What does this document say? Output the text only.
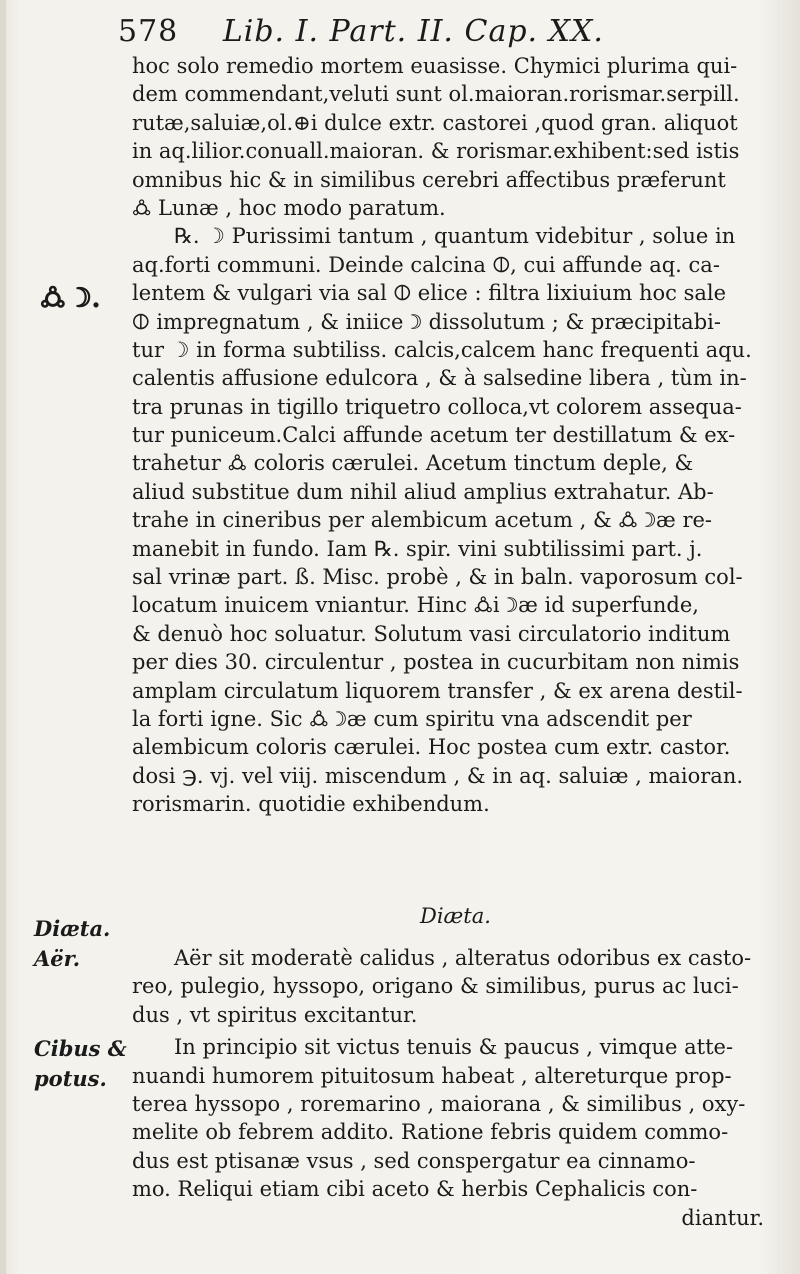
578 Lib. I. Part. II. Cap. XX.
hoc solo remedio mortem euasisse. Chymici plurima qui-
dem commendant,veluti sunt ol.maioran.rorismar.serpill.
rutæ,saluiæ,ol.⊕i dulce extr. castorei ,quod gran. aliquot
in aq.lilior.conuall.maioran. & rorismar.exhibent:sed istis
omnibus hic & in similibus cerebri affectibus præferunt
🜛 Lunæ , hoc modo paratum.
℞. ☽ Purissimi tantum , quantum videbitur , solue in
aq.forti communi. Deinde calcina 🜕, cui affunde aq. ca-
lentem & vulgari via sal 🜕 elice : filtra lixiuium hoc sale
🜕 impregnatum , & iniice ☽ dissolutum ; & præcipitabi-
tur ☽ in forma subtiliss. calcis,calcem hanc frequenti aqu.
calentis affusione edulcora , & à salsedine libera , tùm in-
tra prunas in tigillo triquetro colloca,vt colorem assequa-
tur puniceum.Calci affunde acetum ter destillatum & ex-
trahetur 🜛 coloris cærulei. Acetum tinctum deple, &
aliud substitue dum nihil aliud amplius extrahatur. Ab-
trahe in cineribus per alembicum acetum , & 🜛 ☽æ re-
manebit in fundo. Iam ℞. spir. vini subtilissimi part. j.
sal vrinæ part. ß. Misc. probè , & in baln. vaporosum col-
locatum inuicem vniantur. Hinc 🜛i ☽æ id superfunde,
& denuò hoc soluatur. Solutum vasi circulatorio inditum
per dies 30. circulentur , postea in cucurbitam non nimis
amplam circulatum liquorem transfer , & ex arena destil-
la forti igne. Sic 🜛 ☽æ cum spiritu vna adscendit per
alembicum coloris cærulei. Hoc postea cum extr. castor.
dosi ℈. vj. vel viij. miscendum , & in aq. saluiæ , maioran.
rorismarin. quotidie exhibendum.
🜛 ☽.
Diæta.
Diæta.
Aër.
Cibus &
potus.
Aër sit moderatè calidus , alteratus odoribus ex casto-
reo, pulegio, hyssopo, origano & similibus, purus ac luci-
dus , vt spiritus excitantur.
In principio sit victus tenuis & paucus , vimque atte-
nuandi humorem pituitosum habeat , altereturque prop-
terea hyssopo , roremarino , maiorana , & similibus , oxy-
melite ob febrem addito. Ratione febris quidem commo-
dus est ptisanæ vsus , sed conspergatur ea cinnamo-
mo. Reliqui etiam cibi aceto & herbis Cephalicis con-
diantur.
